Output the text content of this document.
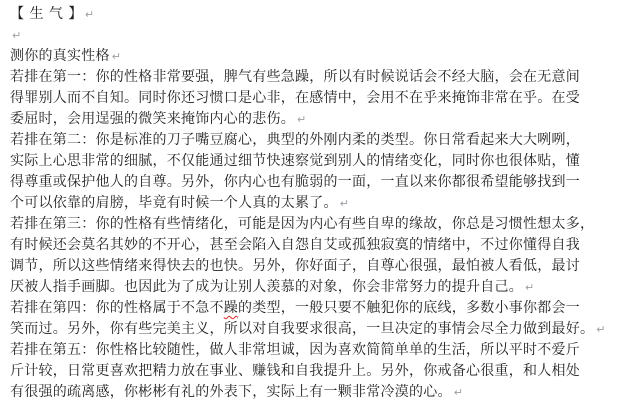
【 生 气 】 ↵
↵
测你的真实性格 ↵
若排在第一：你的性格非常要强，脾气有些急躁，所以有时候说话会不经大脑，会在无意间
得罪别人而不自知。同时你还习惯口是心非，在感情中，会用不在乎来掩饰非常在乎。在受
委屈时，会用逞强的微笑来掩饰内心的悲伤。 ↵
若排在第二：你是标准的刀子嘴豆腐心，典型的外刚内柔的类型。你日常看起来大大咧咧，
实际上心思非常的细腻，不仅能通过细节快速察觉到别人的情绪变化，同时你也很体贴，懂
得尊重或保护他人的自尊。另外，你内心也有脆弱的一面，一直以来你都很希望能够找到一
个可以依靠的肩膀，毕竟有时候一个人真的太累了。 ↵
若排在第三：你的性格有些情绪化，可能是因为内心有些自卑的缘故，你总是习惯性想太多，
有时候还会莫名其妙的不开心，甚至会陷入自怨自艾或孤独寂寞的情绪中，不过你懂得自我
调节，所以这些情绪来得快去的也快。另外，你好面子，自尊心很强，最怕被人看低，最讨
厌被人指手画脚。也因此为了成为让别人羡慕的对象，你会非常努力的提升自己。 ↵
若排在第四：你的性格属于不急不躁的类型，一般只要不触犯你的底线，多数小事你都会一
笑而过。另外，你有些完美主义，所以对自我要求很高，一旦决定的事情会尽全力做到最好。 ↵
若排在第五：你性格比较随性，做人非常坦诚，因为喜欢简简单单的生活，所以平时不爱斤
斤计较，日常更喜欢把精力放在事业、赚钱和自我提升上。另外，你戒备心很重，和人相处
有很强的疏离感，你彬彬有礼的外表下，实际上有一颗非常冷漠的心。 ↵
